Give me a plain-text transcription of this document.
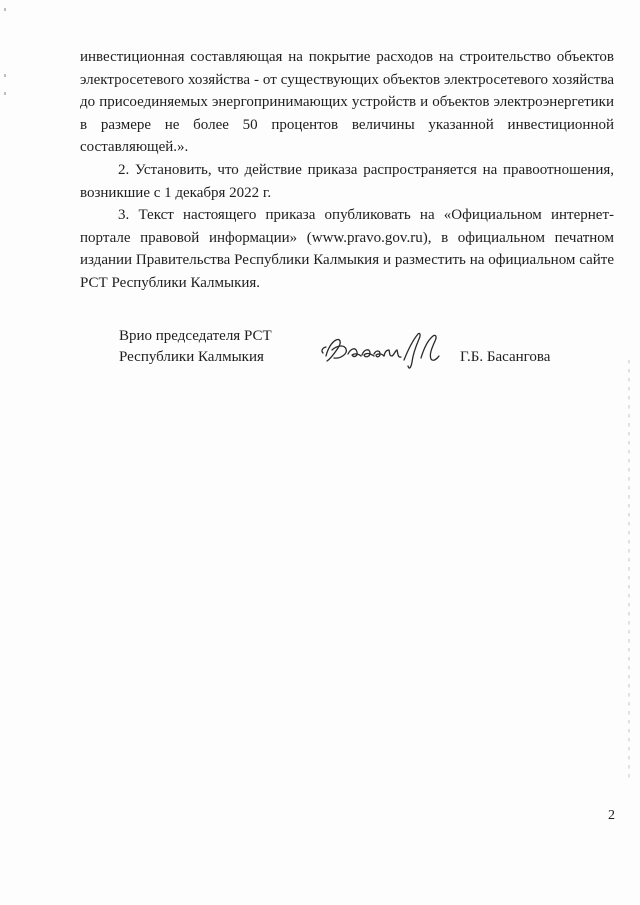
инвестиционная составляющая на покрытие расходов на строительство объектов
электросетевого хозяйства - от существующих объектов электросетевого хозяйства
до присоединяемых энергопринимающих устройств и объектов электроэнергетики
в размере не более 50 процентов величины указанной инвестиционной
составляющей.».

2. Установить, что действие приказа распространяется на правоотношения,
возникшие с 1 декабря 2022 г.

3. Текст настоящего приказа опубликовать на «Официальном интернет-
портале правовой информации» (www.pravo.gov.ru), в официальном печатном
издании Правительства Республики Калмыкия и разместить на официальном сайте
РСТ Республики Калмыкия.

Врио председателя РСТ
Республики Калмыкия	Г.Б. Басангова
2
